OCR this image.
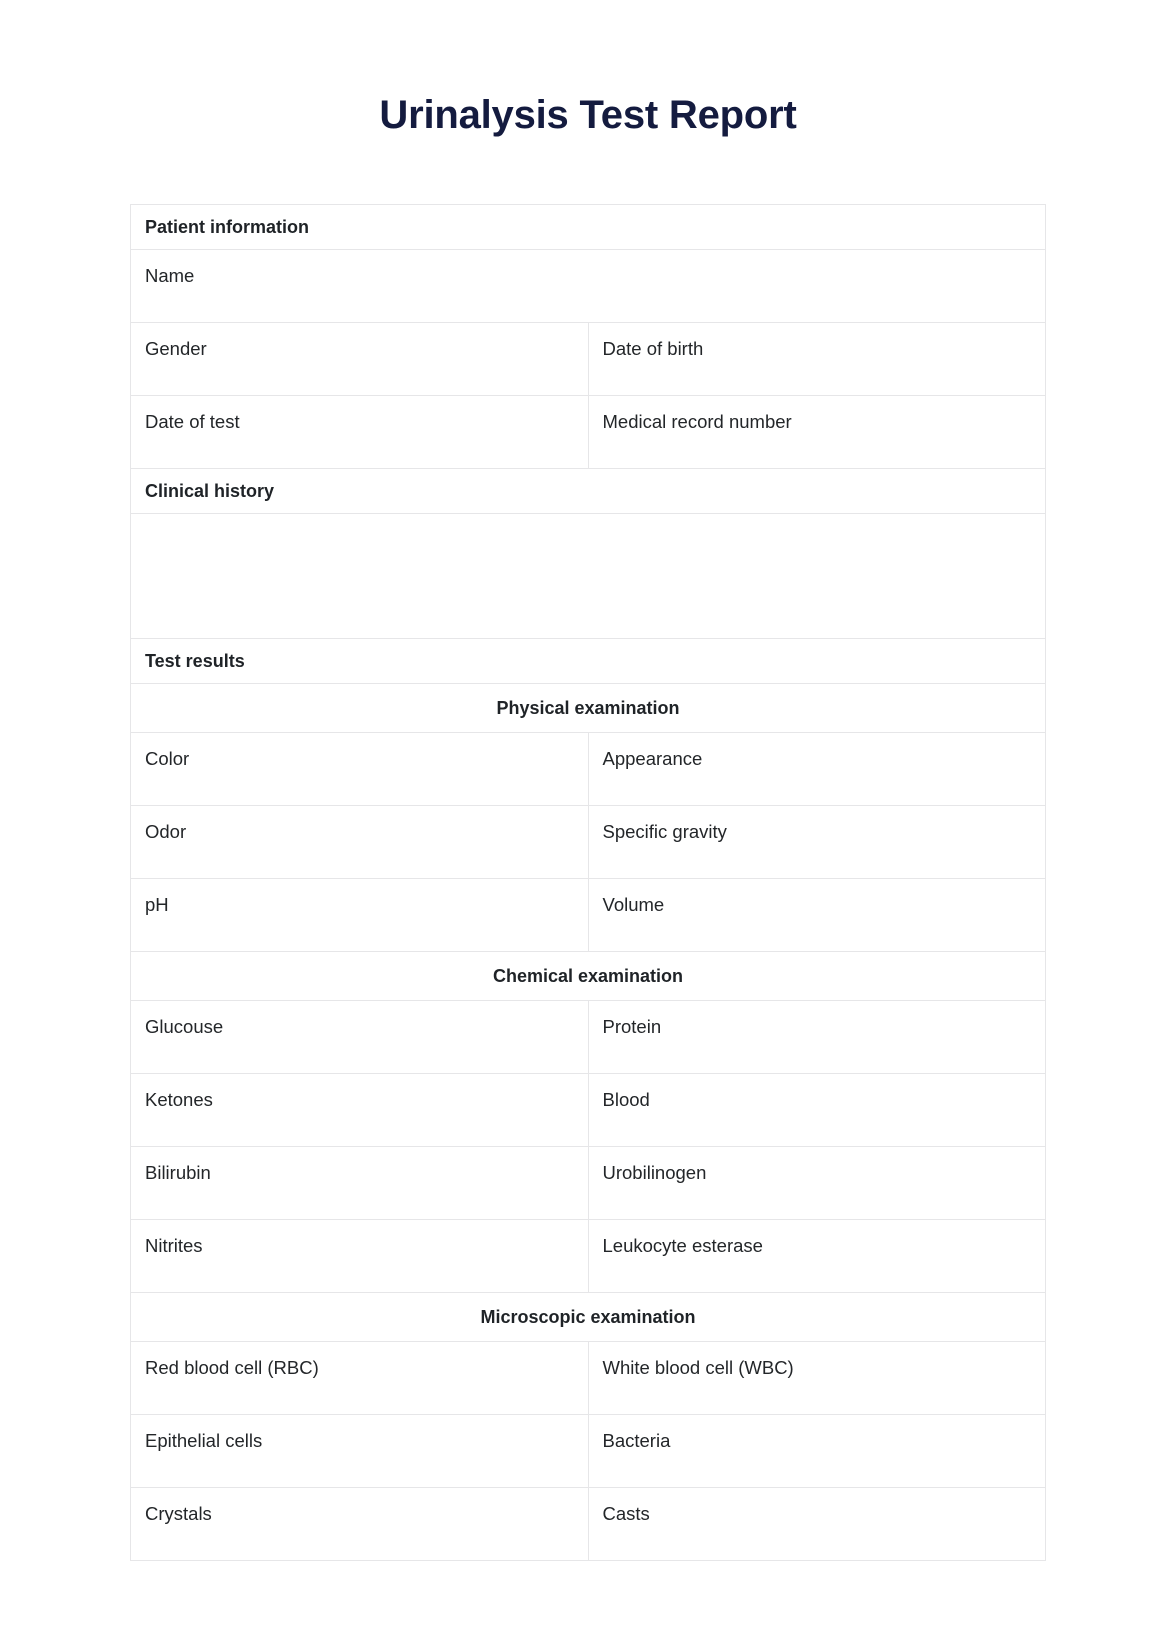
Urinalysis Test Report
Patient information	

Name	

Gender	Date of birth

Date of test	Medical record number

Clinical history	

Test results	

Physical examination	

Color	Appearance

Odor	Specific gravity

pH	Volume

Chemical examination	

Glucouse	Protein

Ketones	Blood

Bilirubin	Urobilinogen

Nitrites	Leukocyte esterase

Microscopic examination	

Red blood cell (RBC)	White blood cell (WBC)

Epithelial cells	Bacteria

Crystals	Casts
